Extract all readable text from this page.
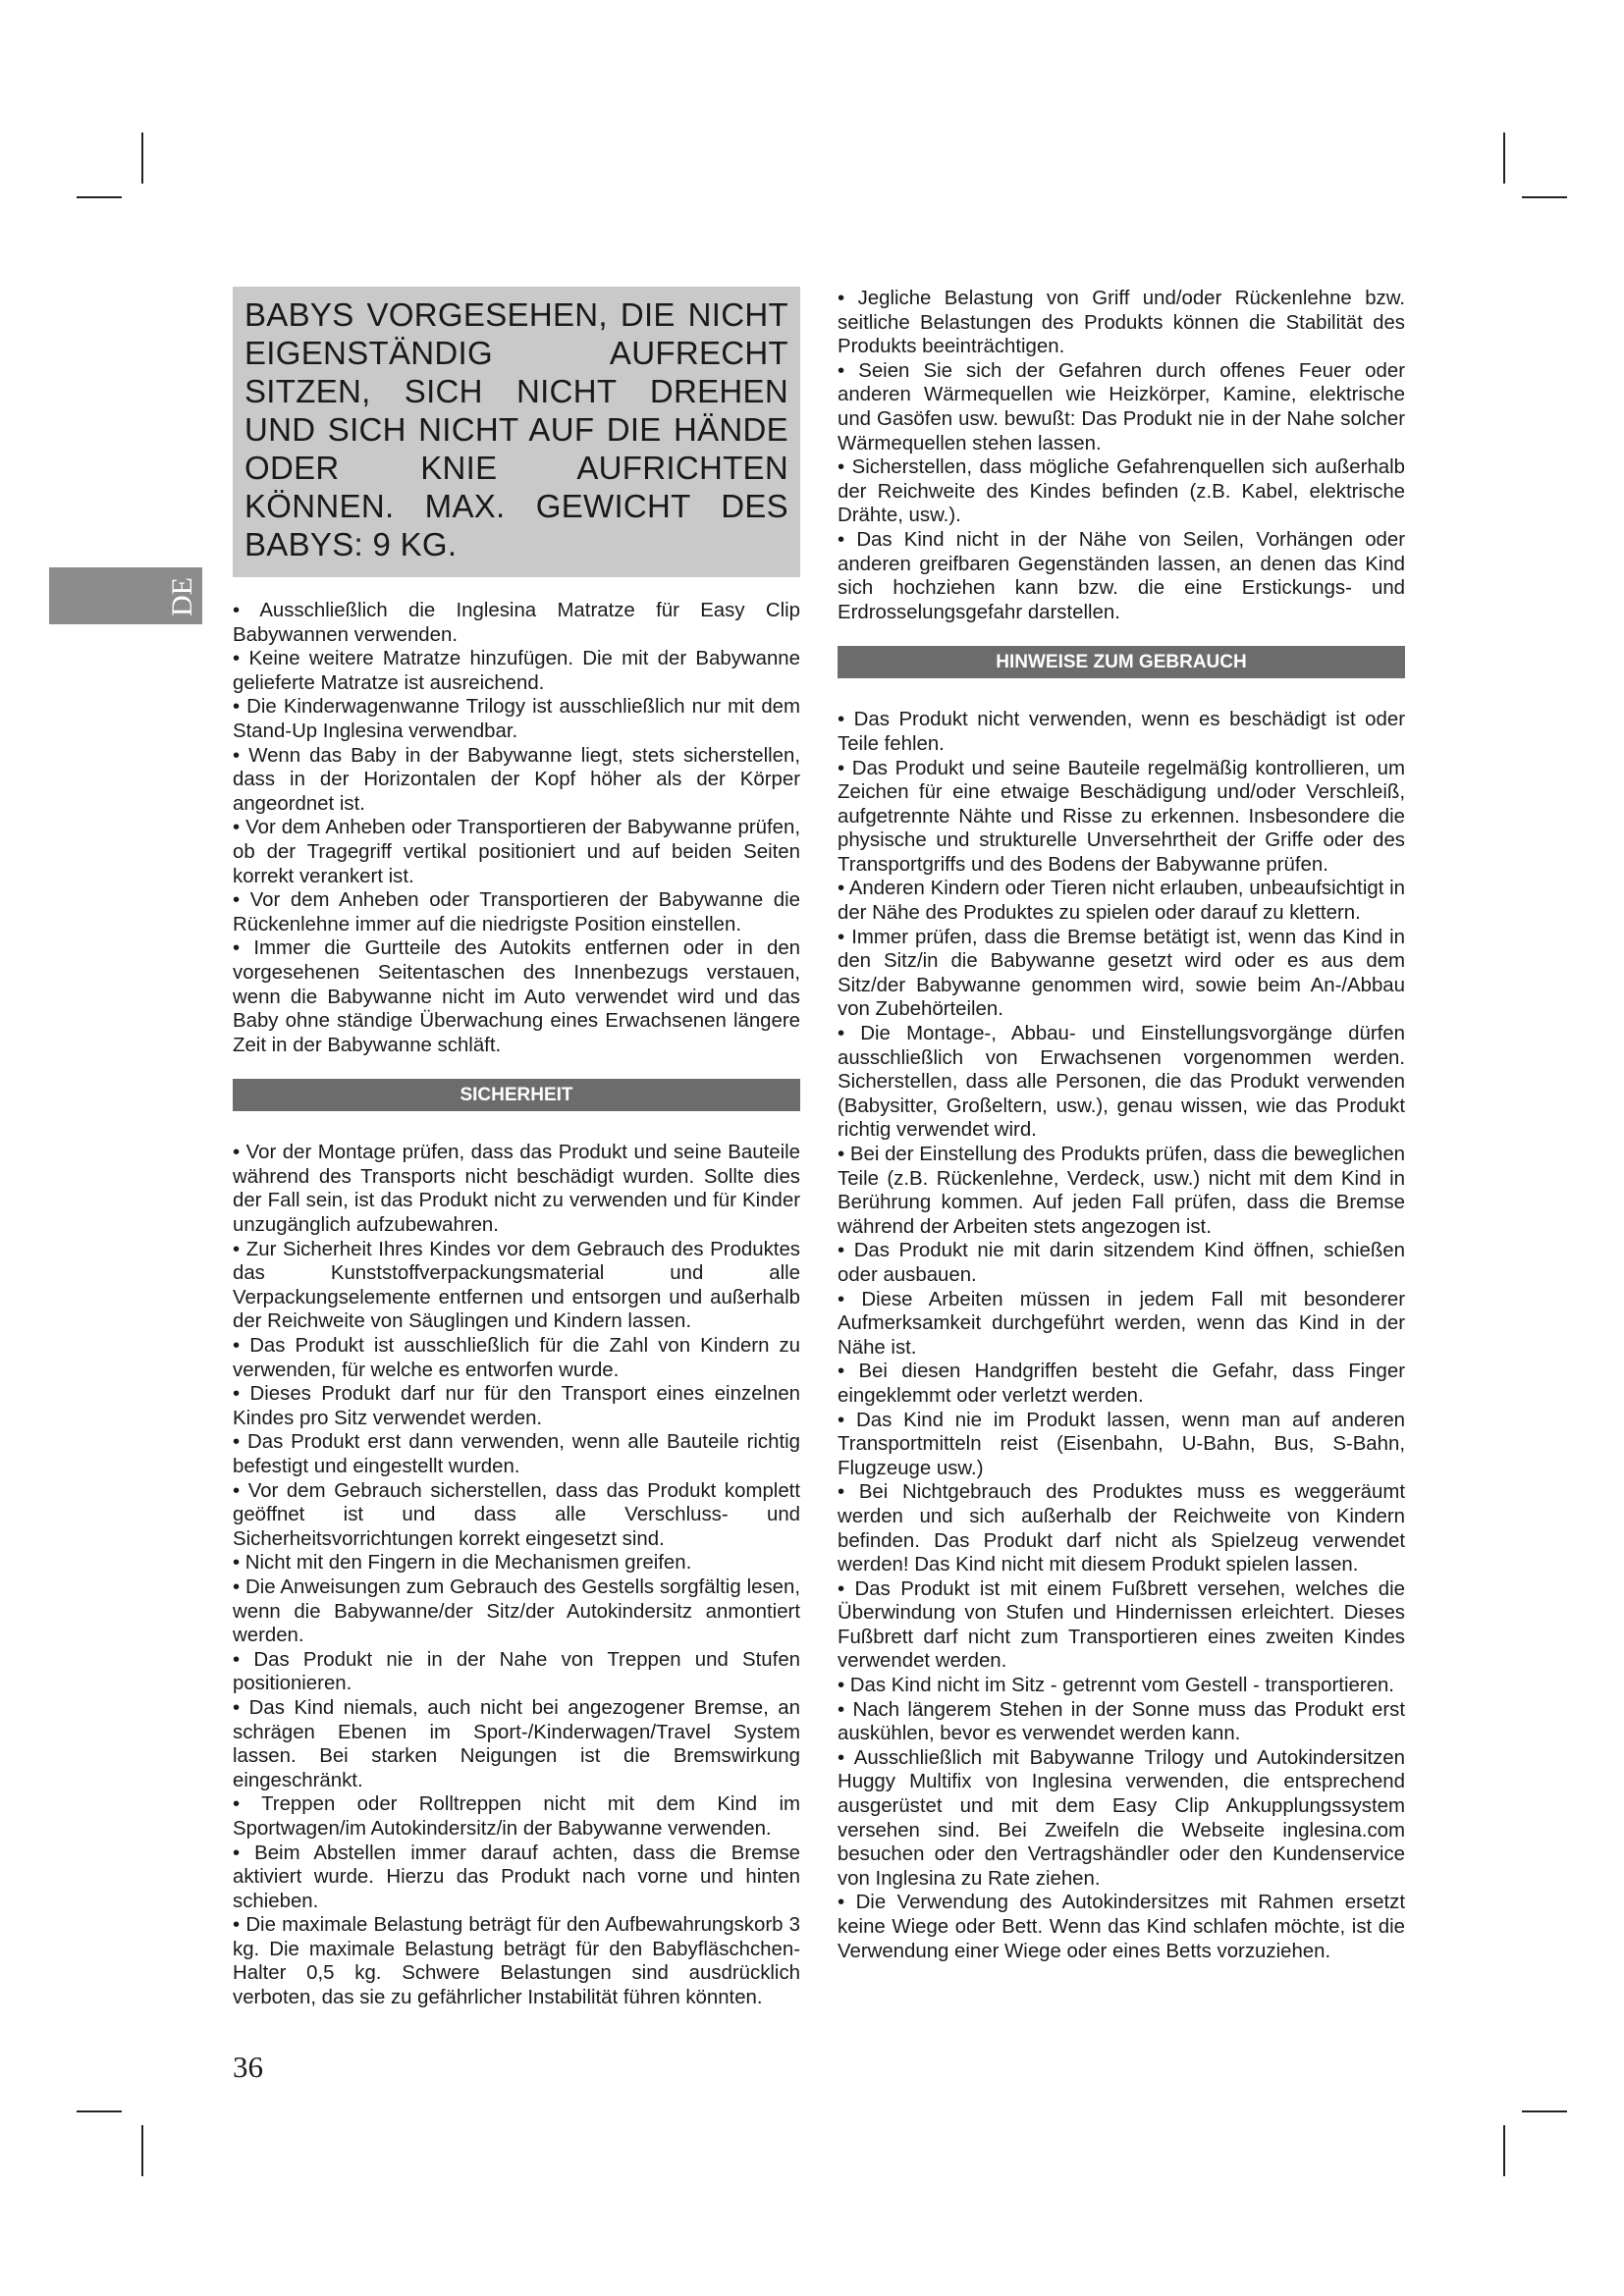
DE
BABYS VORGESEHEN, DIE NICHT EIGENSTÄNDIG AUFRECHT SITZEN, SICH NICHT DREHEN UND SICH NICHT AUF DIE HÄNDE ODER KNIE AUFRICHTEN KÖNNEN. MAX. GEWICHT DES BABYS: 9 KG.

• Ausschließlich die Inglesina Matratze für Easy Clip Babywannen verwenden.

• Keine weitere Matratze hinzufügen. Die mit der Babywanne gelieferte Matratze ist ausreichend.

• Die Kinderwagenwanne Trilogy ist ausschließlich nur mit dem Stand-Up Inglesina verwendbar.

• Wenn das Baby in der Babywanne liegt, stets sicherstellen, dass in der Horizontalen der Kopf höher als der Körper angeordnet ist.

• Vor dem Anheben oder Transportieren der Babywanne prüfen, ob der Tragegriff vertikal positioniert und auf beiden Seiten korrekt verankert ist.

• Vor dem Anheben oder Transportieren der Babywanne die Rückenlehne immer auf die niedrigste Position einstellen.

• Immer die Gurtteile des Autokits entfernen oder in den vorgesehenen Seitentaschen des Innenbezugs verstauen, wenn die Babywanne nicht im Auto verwendet wird und das Baby ohne ständige Überwachung eines Erwachsenen längere Zeit in der Babywanne schläft.

SICHERHEIT

• Vor der Montage prüfen, dass das Produkt und seine Bauteile während des Transports nicht beschädigt wurden. Sollte dies der Fall sein, ist das Produkt nicht zu verwenden und für Kinder unzugänglich aufzubewahren.

• Zur Sicherheit Ihres Kindes vor dem Gebrauch des Produktes das Kunststoffverpackungsmaterial und alle Verpackungselemente entfernen und entsorgen und außerhalb der Reichweite von Säuglingen und Kindern lassen.

• Das Produkt ist ausschließlich für die Zahl von Kindern zu verwenden, für welche es entworfen wurde.

• Dieses Produkt darf nur für den Transport eines einzelnen Kindes pro Sitz verwendet werden.

• Das Produkt erst dann verwenden, wenn alle Bauteile richtig befestigt und eingestellt wurden.

• Vor dem Gebrauch sicherstellen, dass das Produkt komplett geöffnet ist und dass alle Verschluss- und Sicherheitsvorrichtungen korrekt eingesetzt sind.

• Nicht mit den Fingern in die Mechanismen greifen.

• Die Anweisungen zum Gebrauch des Gestells sorgfältig lesen, wenn die Babywanne/der Sitz/der Autokindersitz anmontiert werden.

• Das Produkt nie in der Nahe von Treppen und Stufen positionieren.

• Das Kind niemals, auch nicht bei angezogener Bremse, an schrägen Ebenen im Sport-/Kinderwagen/Travel System lassen. Bei starken Neigungen ist die Bremswirkung eingeschränkt.

• Treppen oder Rolltreppen nicht mit dem Kind im Sportwagen/im Autokindersitz/in der Babywanne verwenden.

• Beim Abstellen immer darauf achten, dass die Bremse aktiviert wurde. Hierzu das Produkt nach vorne und hinten schieben.

• Die maximale Belastung beträgt für den Aufbewahrungskorb 3 kg. Die maximale Belastung beträgt für den Babyfläschchen-Halter 0,5 kg. Schwere Belastungen sind ausdrücklich verboten, das sie zu gefährlicher Instabilität führen könnten.

• Jegliche Belastung von Griff und/oder Rückenlehne bzw. seitliche Belastungen des Produkts können die Stabilität des Produkts beeinträchtigen.

• Seien Sie sich der Gefahren durch offenes Feuer oder anderen Wärmequellen wie Heizkörper, Kamine, elektrische und Gasöfen usw. bewußt: Das Produkt nie in der Nahe solcher Wärmequellen stehen lassen.

• Sicherstellen, dass mögliche Gefahrenquellen sich außerhalb der Reichweite des Kindes befinden (z.B. Kabel, elektrische Drähte, usw.).

• Das Kind nicht in der Nähe von Seilen, Vorhängen oder anderen greifbaren Gegenständen lassen, an denen das Kind sich hochziehen kann bzw. die eine Erstickungs- und Erdrosselungsgefahr darstellen.

HINWEISE ZUM GEBRAUCH

• Das Produkt nicht verwenden, wenn es beschädigt ist oder Teile fehlen.

• Das Produkt und seine Bauteile regelmäßig kontrollieren, um Zeichen für eine etwaige Beschädigung und/oder Verschleiß, aufgetrennte Nähte und Risse zu erkennen. Insbesondere die physische und strukturelle Unversehrtheit der Griffe oder des Transportgriffs und des Bodens der Babywanne prüfen.

• Anderen Kindern oder Tieren nicht erlauben, unbeaufsichtigt in der Nähe des Produktes zu spielen oder darauf zu klettern.

• Immer prüfen, dass die Bremse betätigt ist, wenn das Kind in den Sitz/in die Babywanne gesetzt wird oder es aus dem Sitz/der Babywanne genommen wird, sowie beim An-/Abbau von Zubehörteilen.

• Die Montage-, Abbau- und Einstellungsvorgänge dürfen ausschließlich von Erwachsenen vorgenommen werden. Sicherstellen, dass alle Personen, die das Produkt verwenden (Babysitter, Großeltern, usw.), genau wissen, wie das Produkt richtig verwendet wird.

• Bei der Einstellung des Produkts prüfen, dass die beweglichen Teile (z.B. Rückenlehne, Verdeck, usw.) nicht mit dem Kind in Berührung kommen. Auf jeden Fall prüfen, dass die Bremse während der Arbeiten stets angezogen ist.

• Das Produkt nie mit darin sitzendem Kind öffnen, schießen oder ausbauen.

• Diese Arbeiten müssen in jedem Fall mit besonderer Aufmerksamkeit durchgeführt werden, wenn das Kind in der Nähe ist.

• Bei diesen Handgriffen besteht die Gefahr, dass Finger eingeklemmt oder verletzt werden.

• Das Kind nie im Produkt lassen, wenn man auf anderen Transportmitteln reist (Eisenbahn, U-Bahn, Bus, S-Bahn, Flugzeuge usw.)

• Bei Nichtgebrauch des Produktes muss es weggeräumt werden und sich außerhalb der Reichweite von Kindern befinden. Das Produkt darf nicht als Spielzeug verwendet werden! Das Kind nicht mit diesem Produkt spielen lassen.

• Das Produkt ist mit einem Fußbrett versehen, welches die Überwindung von Stufen und Hindernissen erleichtert. Dieses Fußbrett darf nicht zum Transportieren eines zweiten Kindes verwendet werden.

• Das Kind nicht im Sitz - getrennt vom Gestell - transportieren.

• Nach längerem Stehen in der Sonne muss das Produkt erst auskühlen, bevor es verwendet werden kann.

• Ausschließlich mit Babywanne Trilogy und Autokindersitzen Huggy Multifix von Inglesina verwenden, die entsprechend ausgerüstet und mit dem Easy Clip Ankupplungssystem versehen sind. Bei Zweifeln die Webseite inglesina.com besuchen oder den Vertragshändler oder den Kundenservice von Inglesina zu Rate ziehen.

• Die Verwendung des Autokindersitzes mit Rahmen ersetzt keine Wiege oder Bett. Wenn das Kind schlafen möchte, ist die Verwendung einer Wiege oder eines Betts vorzuziehen.

36
